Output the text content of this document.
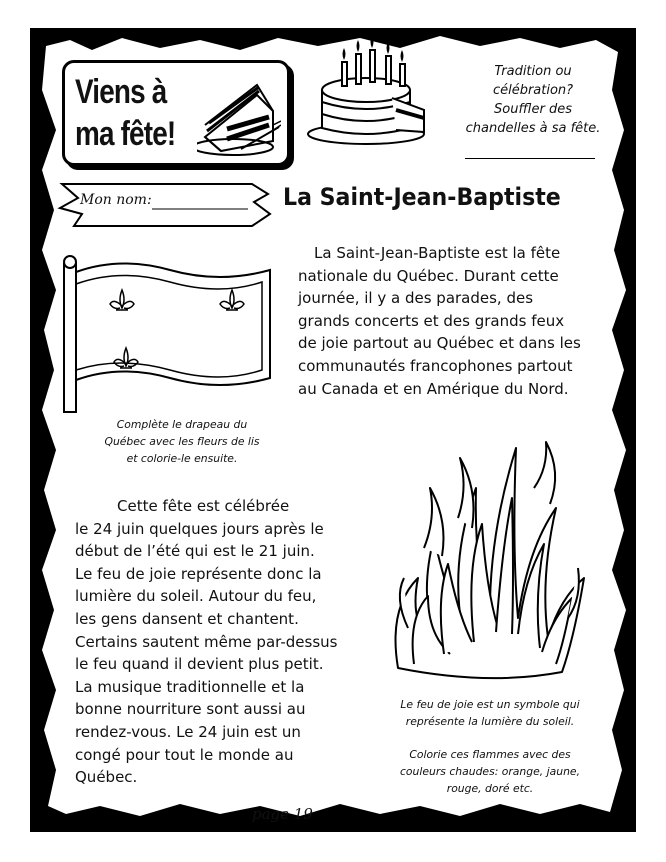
Viens à
ma fête!
Tradition ou
célébration?
Souffler des
chandelles à sa fête.
Mon nom:	La Saint-Jean-Baptiste
Complète le drapeau du
Québec avec les fleurs de lis
et colorie-le ensuite.
La Saint-Jean-Baptiste est la fête
nationale du Québec. Durant cette
journée, il y a des parades, des
grands concerts et des grands feux
de joie partout au Québec et dans les
communautés francophones partout
au Canada et en Amérique du Nord.
Cette fête est célébrée
le 24 juin quelques jours après le
début de l’été qui est le 21 juin.
Le feu de joie représente donc la
lumière du soleil. Autour du feu,
les gens dansent et chantent.
Certains sautent même par-dessus
le feu quand il devient plus petit.
La musique traditionnelle et la
bonne nourriture sont aussi au
rendez-vous. Le 24 juin est un
congé pour tout le monde au
Québec.
Le feu de joie est un symbole qui
représente la lumière du soleil.
Colorie ces flammes avec des
couleurs chaudes: orange, jaune,
rouge, doré etc.
page 19
